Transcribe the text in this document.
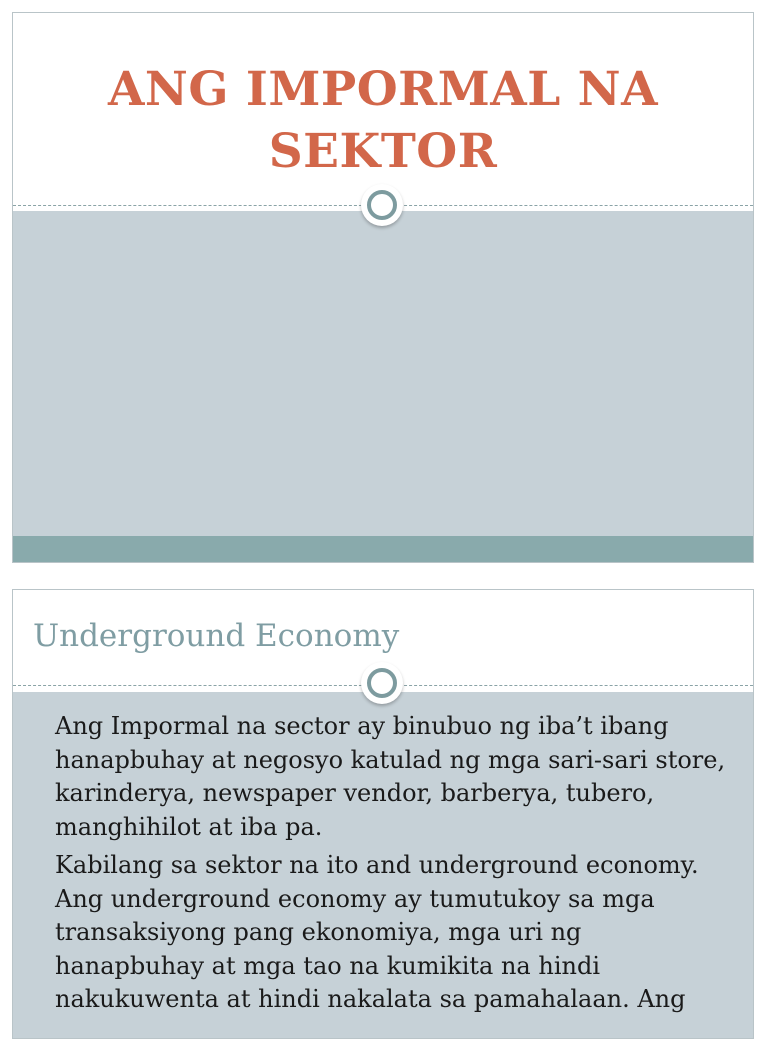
ANG IMPORMAL NA
SEKTOR
Underground Economy

Ang Impormal na sector ay binubuo ng iba’t ibang
hanapbuhay at negosyo katulad ng mga sari-sari store,
karinderya, newspaper vendor, barberya, tubero,
manghihilot at iba pa.

Kabilang sa sektor na ito and underground economy.
Ang underground economy ay tumutukoy sa mga
transaksiyong pang ekonomiya, mga uri ng
hanapbuhay at mga tao na kumikita na hindi
nakukuwenta at hindi nakalata sa pamahalaan. Ang
